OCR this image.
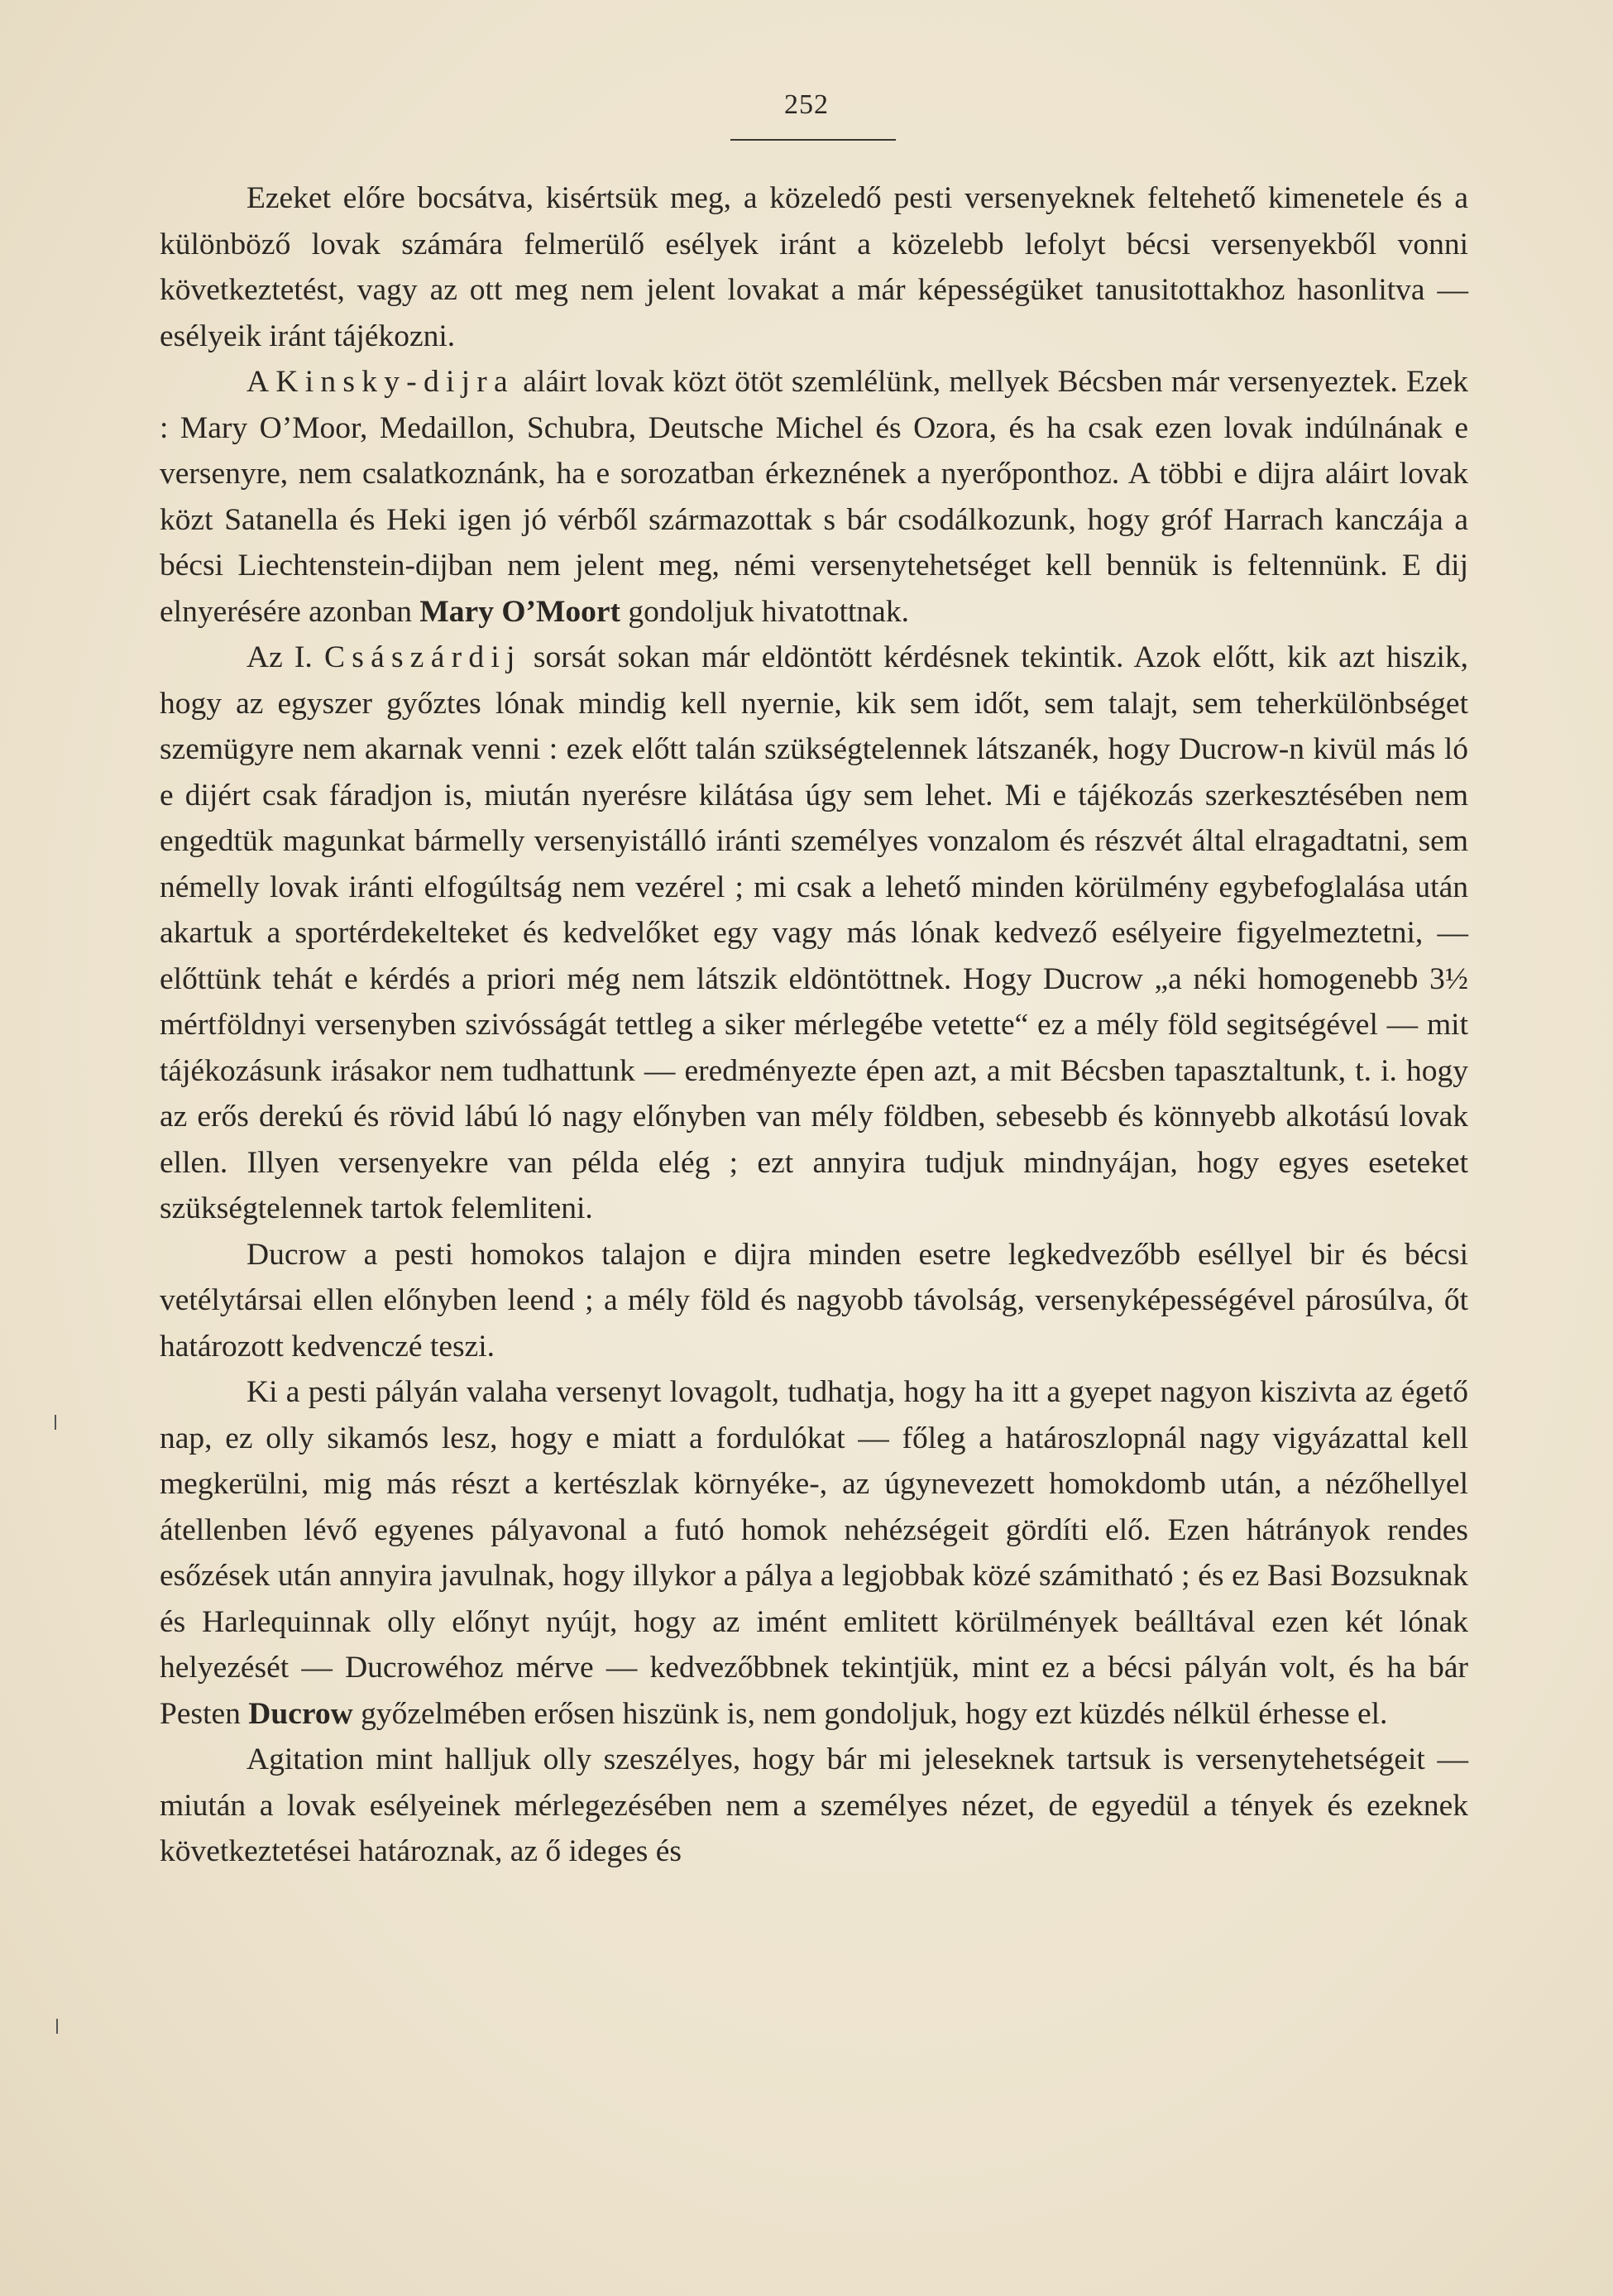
252

Ezeket előre bocsátva, kisértsük meg, a közeledő pesti versenyeknek feltehető kimenetele és a különböző lovak számára felmerülő esélyek iránt a közelebb lefolyt bécsi versenyekből vonni következtetést, vagy az ott meg nem jelent lovakat a már képességüket tanusitottakhoz hasonlitva — esélyeik iránt tájékozni.

A Kinsky-dijra aláirt lovak közt ötöt szemlélünk, mellyek Bécsben már versenyeztek. Ezek : Mary O’Moor, Medaillon, Schubra, Deutsche Michel és Ozora, és ha csak ezen lovak indúlnának e versenyre, nem csalatkoznánk, ha e sorozatban érkeznének a nyerőponthoz. A többi e dijra aláirt lovak közt Satanella és Heki igen jó vérből származottak s bár csodálkozunk, hogy gróf Harrach kanczája a bécsi Liechtenstein-dijban nem jelent meg, némi versenytehetséget kell bennük is feltennünk. E dij elnyerésére azonban Mary O’Moort gondoljuk hivatottnak.

Az I. Császárdij sorsát sokan már eldöntött kérdésnek tekintik. Azok előtt, kik azt hiszik, hogy az egyszer győztes lónak mindig kell nyernie, kik sem időt, sem talajt, sem teherkülönbséget szemügyre nem akarnak venni : ezek előtt talán szükségtelennek látszanék, hogy Ducrow-n kivül más ló e dijért csak fáradjon is, miután nyerésre kilátása úgy sem lehet. Mi e tájékozás szerkesztésében nem engedtük magunkat bármelly versenyistálló iránti személyes vonzalom és részvét által elragadtatni, sem némelly lovak iránti elfogúltság nem vezérel ; mi csak a lehető minden körülmény egybefoglalása után akartuk a sportérdekelteket és kedvelőket egy vagy más lónak kedvező esélyeire figyelmeztetni, — előttünk tehát e kérdés a priori még nem látszik eldöntöttnek. Hogy Ducrow „a néki homogenebb 3½ mértföldnyi versenyben szivósságát tettleg a siker mérlegébe vetette“ ez a mély föld segitségével — mit tájékozásunk irásakor nem tudhattunk — eredményezte épen azt, a mit Bécsben tapasztaltunk, t. i. hogy az erős derekú és rövid lábú ló nagy előnyben van mély földben, sebesebb és könnyebb alkotású lovak ellen. Illyen versenyekre van példa elég ; ezt annyira tudjuk mindnyájan, hogy egyes eseteket szükségtelennek tartok felemliteni.

Ducrow a pesti homokos talajon e dijra minden esetre legkedvezőbb eséllyel bir és bécsi vetélytársai ellen előnyben leend ; a mély föld és nagyobb távolság, versenyképességével párosúlva, őt határozott kedvenczé teszi.

Ki a pesti pályán valaha versenyt lovagolt, tudhatja, hogy ha itt a gyepet nagyon kiszivta az égető nap, ez olly sikamós lesz, hogy e miatt a fordulókat — főleg a határoszlopnál nagy vigyázattal kell megkerülni, mig más részt a kertészlak környéke-, az úgynevezett homokdomb után, a nézőhellyel átellenben lévő egyenes pályavonal a futó homok nehézségeit gördíti elő. Ezen hátrányok rendes esőzések után annyira javulnak, hogy illykor a pálya a legjobbak közé számitható ; és ez Basi Bozsuknak és Harlequinnak olly előnyt nyújt, hogy az imént emlitett körülmények beálltával ezen két lónak helyezését — Ducrowéhoz mérve — kedvezőbbnek tekintjük, mint ez a bécsi pályán volt, és ha bár Pesten Ducrow győzelmében erősen hiszünk is, nem gondoljuk, hogy ezt küzdés nélkül érhesse el.

Agitation mint halljuk olly szeszélyes, hogy bár mi jeleseknek tartsuk is versenytehetségeit — miután a lovak esélyeinek mérlegezésében nem a személyes nézet, de egyedül a tények és ezeknek következtetései határoznak, az ő ideges és
